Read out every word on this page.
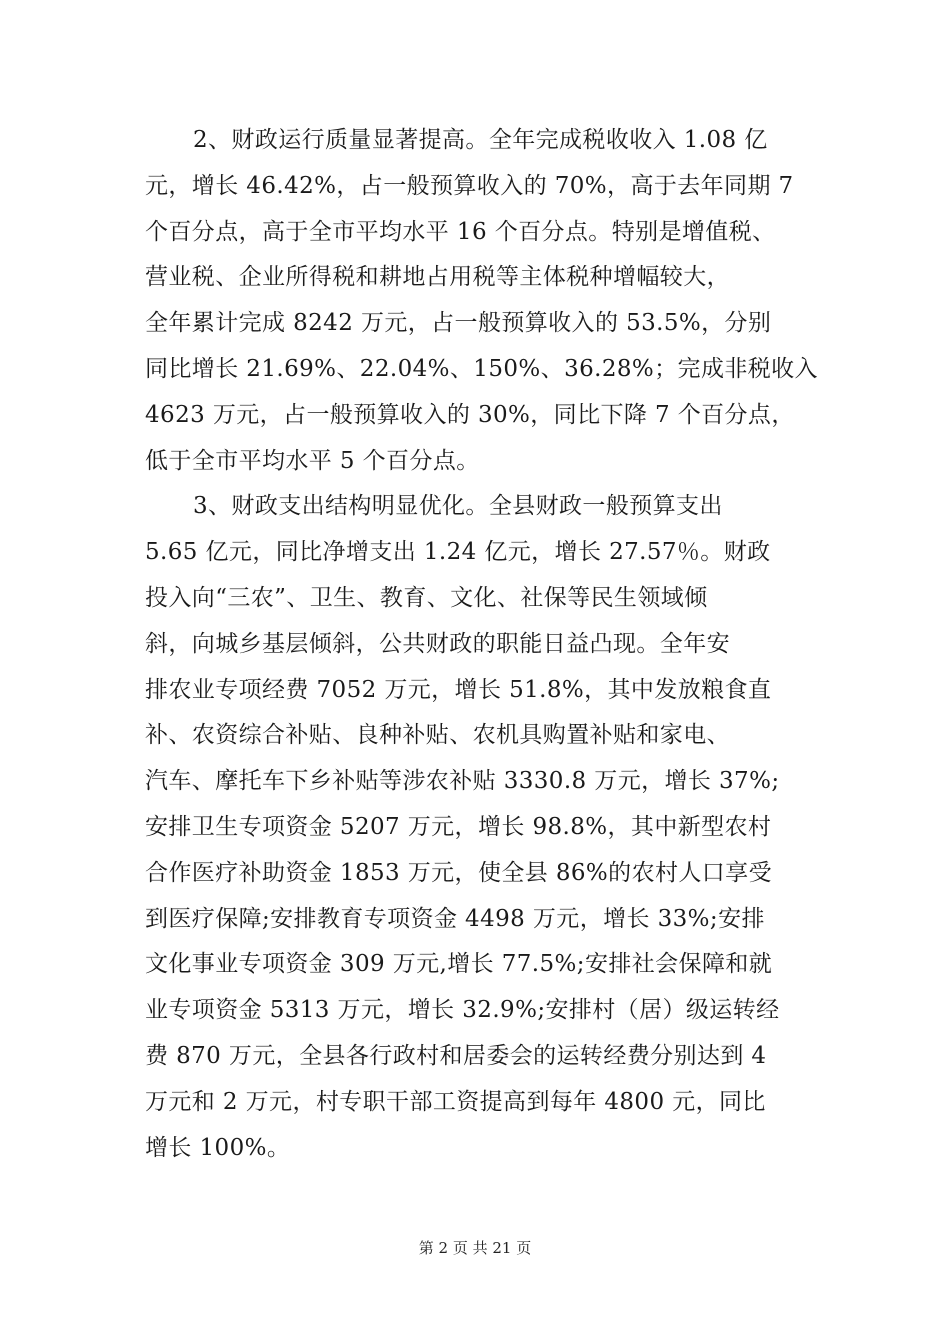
2、财政运行质量显著提高。全年完成税收收入 1.08 亿
元，增长 46.42%，占一般预算收入的 70%，高于去年同期 7
个百分点，高于全市平均水平 16 个百分点。特别是增值税、
营业税、企业所得税和耕地占用税等主体税种增幅较大，
全年累计完成 8242 万元，占一般预算收入的 53.5%，分别
同比增长 21.69%、22.04%、150%、36.28%；完成非税收入
4623 万元，占一般预算收入的 30%，同比下降 7 个百分点，
低于全市平均水平 5 个百分点。
3、财政支出结构明显优化。全县财政一般预算支出
5.65 亿元，同比净增支出 1.24 亿元，增长 27.57％。财政
投入向“三农”、卫生、教育、文化、社保等民生领域倾
斜，向城乡基层倾斜，公共财政的职能日益凸现。全年安
排农业专项经费 7052 万元，增长 51.8%，其中发放粮食直
补、农资综合补贴、良种补贴、农机具购置补贴和家电、
汽车、摩托车下乡补贴等涉农补贴 3330.8 万元，增长 37%;
安排卫生专项资金 5207 万元，增长 98.8%，其中新型农村
合作医疗补助资金 1853 万元，使全县 86%的农村人口享受
到医疗保障;安排教育专项资金 4498 万元，增长 33%;安排
文化事业专项资金 309 万元,增长 77.5%;安排社会保障和就
业专项资金 5313 万元，增长 32.9%;安排村（居）级运转经
费 870 万元，全县各行政村和居委会的运转经费分别达到 4
万元和 2 万元，村专职干部工资提高到每年 4800 元，同比
增长 100%。
第 2 页 共 21 页
